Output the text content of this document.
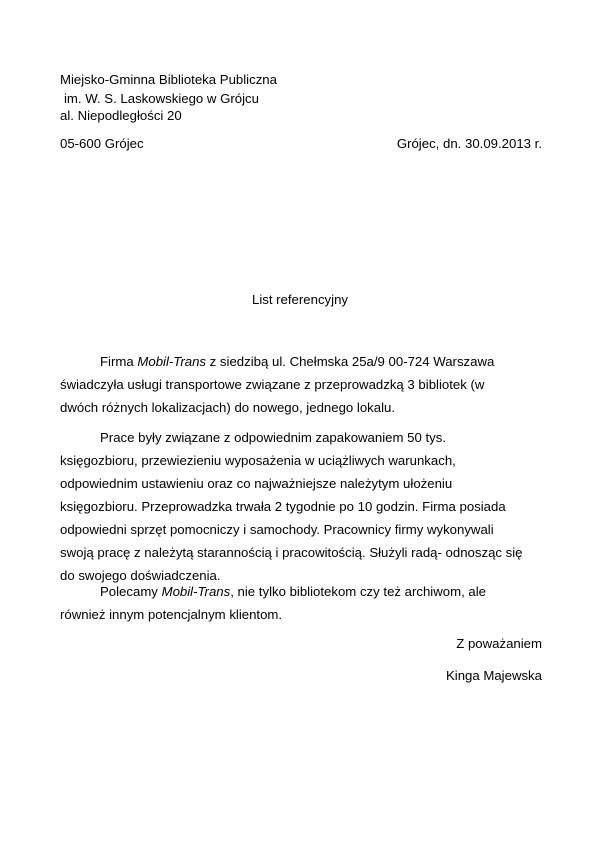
Miejsko-Gminna Biblioteka Publiczna
im. W. S. Laskowskiego w Grójcu
al. Niepodległości 20
05-600 Grójec	Grójec, dn. 30.09.2013 r.
List referencyjny
Firma Mobil-Trans z siedzibą ul. Chełmska 25a/9 00-724 Warszawa
świadczyła usługi transportowe związane z przeprowadzką 3 bibliotek (w
dwóch różnych lokalizacjach) do nowego, jednego lokalu.
Prace były związane z odpowiednim zapakowaniem 50 tys.
księgozbioru, przewiezieniu wyposażenia w uciążliwych warunkach,
odpowiednim ustawieniu oraz co najważniejsze należytym ułożeniu
księgozbioru. Przeprowadzka trwała 2 tygodnie po 10 godzin. Firma posiada
odpowiedni sprzęt pomocniczy i samochody. Pracownicy firmy wykonywali
swoją pracę z należytą starannością i pracowitością. Służyli radą- odnosząc się
do swojego doświadczenia.
Polecamy Mobil-Trans, nie tylko bibliotekom czy też archiwom, ale
również innym potencjalnym klientom.
Z poważaniem
Kinga Majewska
